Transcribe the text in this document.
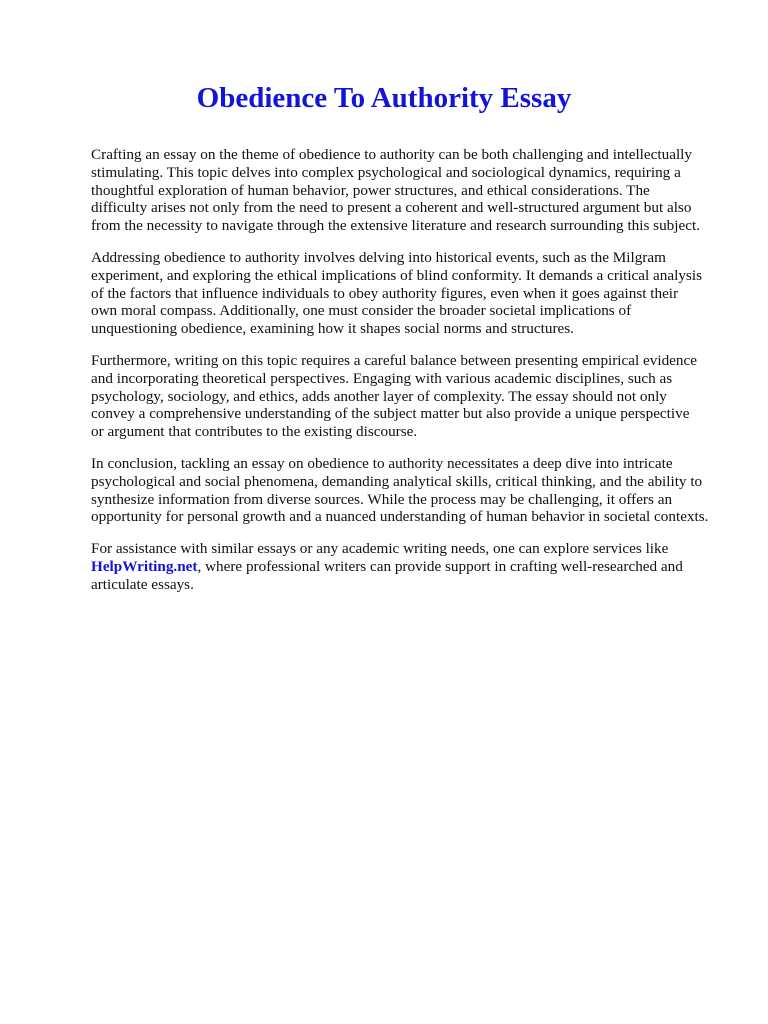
Obedience To Authority Essay

Crafting an essay on the theme of obedience to authority can be both challenging and intellectually
stimulating. This topic delves into complex psychological and sociological dynamics, requiring a
thoughtful exploration of human behavior, power structures, and ethical considerations. The
difficulty arises not only from the need to present a coherent and well-structured argument but also
from the necessity to navigate through the extensive literature and research surrounding this subject.

Addressing obedience to authority involves delving into historical events, such as the Milgram
experiment, and exploring the ethical implications of blind conformity. It demands a critical analysis
of the factors that influence individuals to obey authority figures, even when it goes against their
own moral compass. Additionally, one must consider the broader societal implications of
unquestioning obedience, examining how it shapes social norms and structures.

Furthermore, writing on this topic requires a careful balance between presenting empirical evidence
and incorporating theoretical perspectives. Engaging with various academic disciplines, such as
psychology, sociology, and ethics, adds another layer of complexity. The essay should not only
convey a comprehensive understanding of the subject matter but also provide a unique perspective
or argument that contributes to the existing discourse.

In conclusion, tackling an essay on obedience to authority necessitates a deep dive into intricate
psychological and social phenomena, demanding analytical skills, critical thinking, and the ability to
synthesize information from diverse sources. While the process may be challenging, it offers an
opportunity for personal growth and a nuanced understanding of human behavior in societal contexts.

For assistance with similar essays or any academic writing needs, one can explore services like
HelpWriting.net, where professional writers can provide support in crafting well-researched and
articulate essays.
